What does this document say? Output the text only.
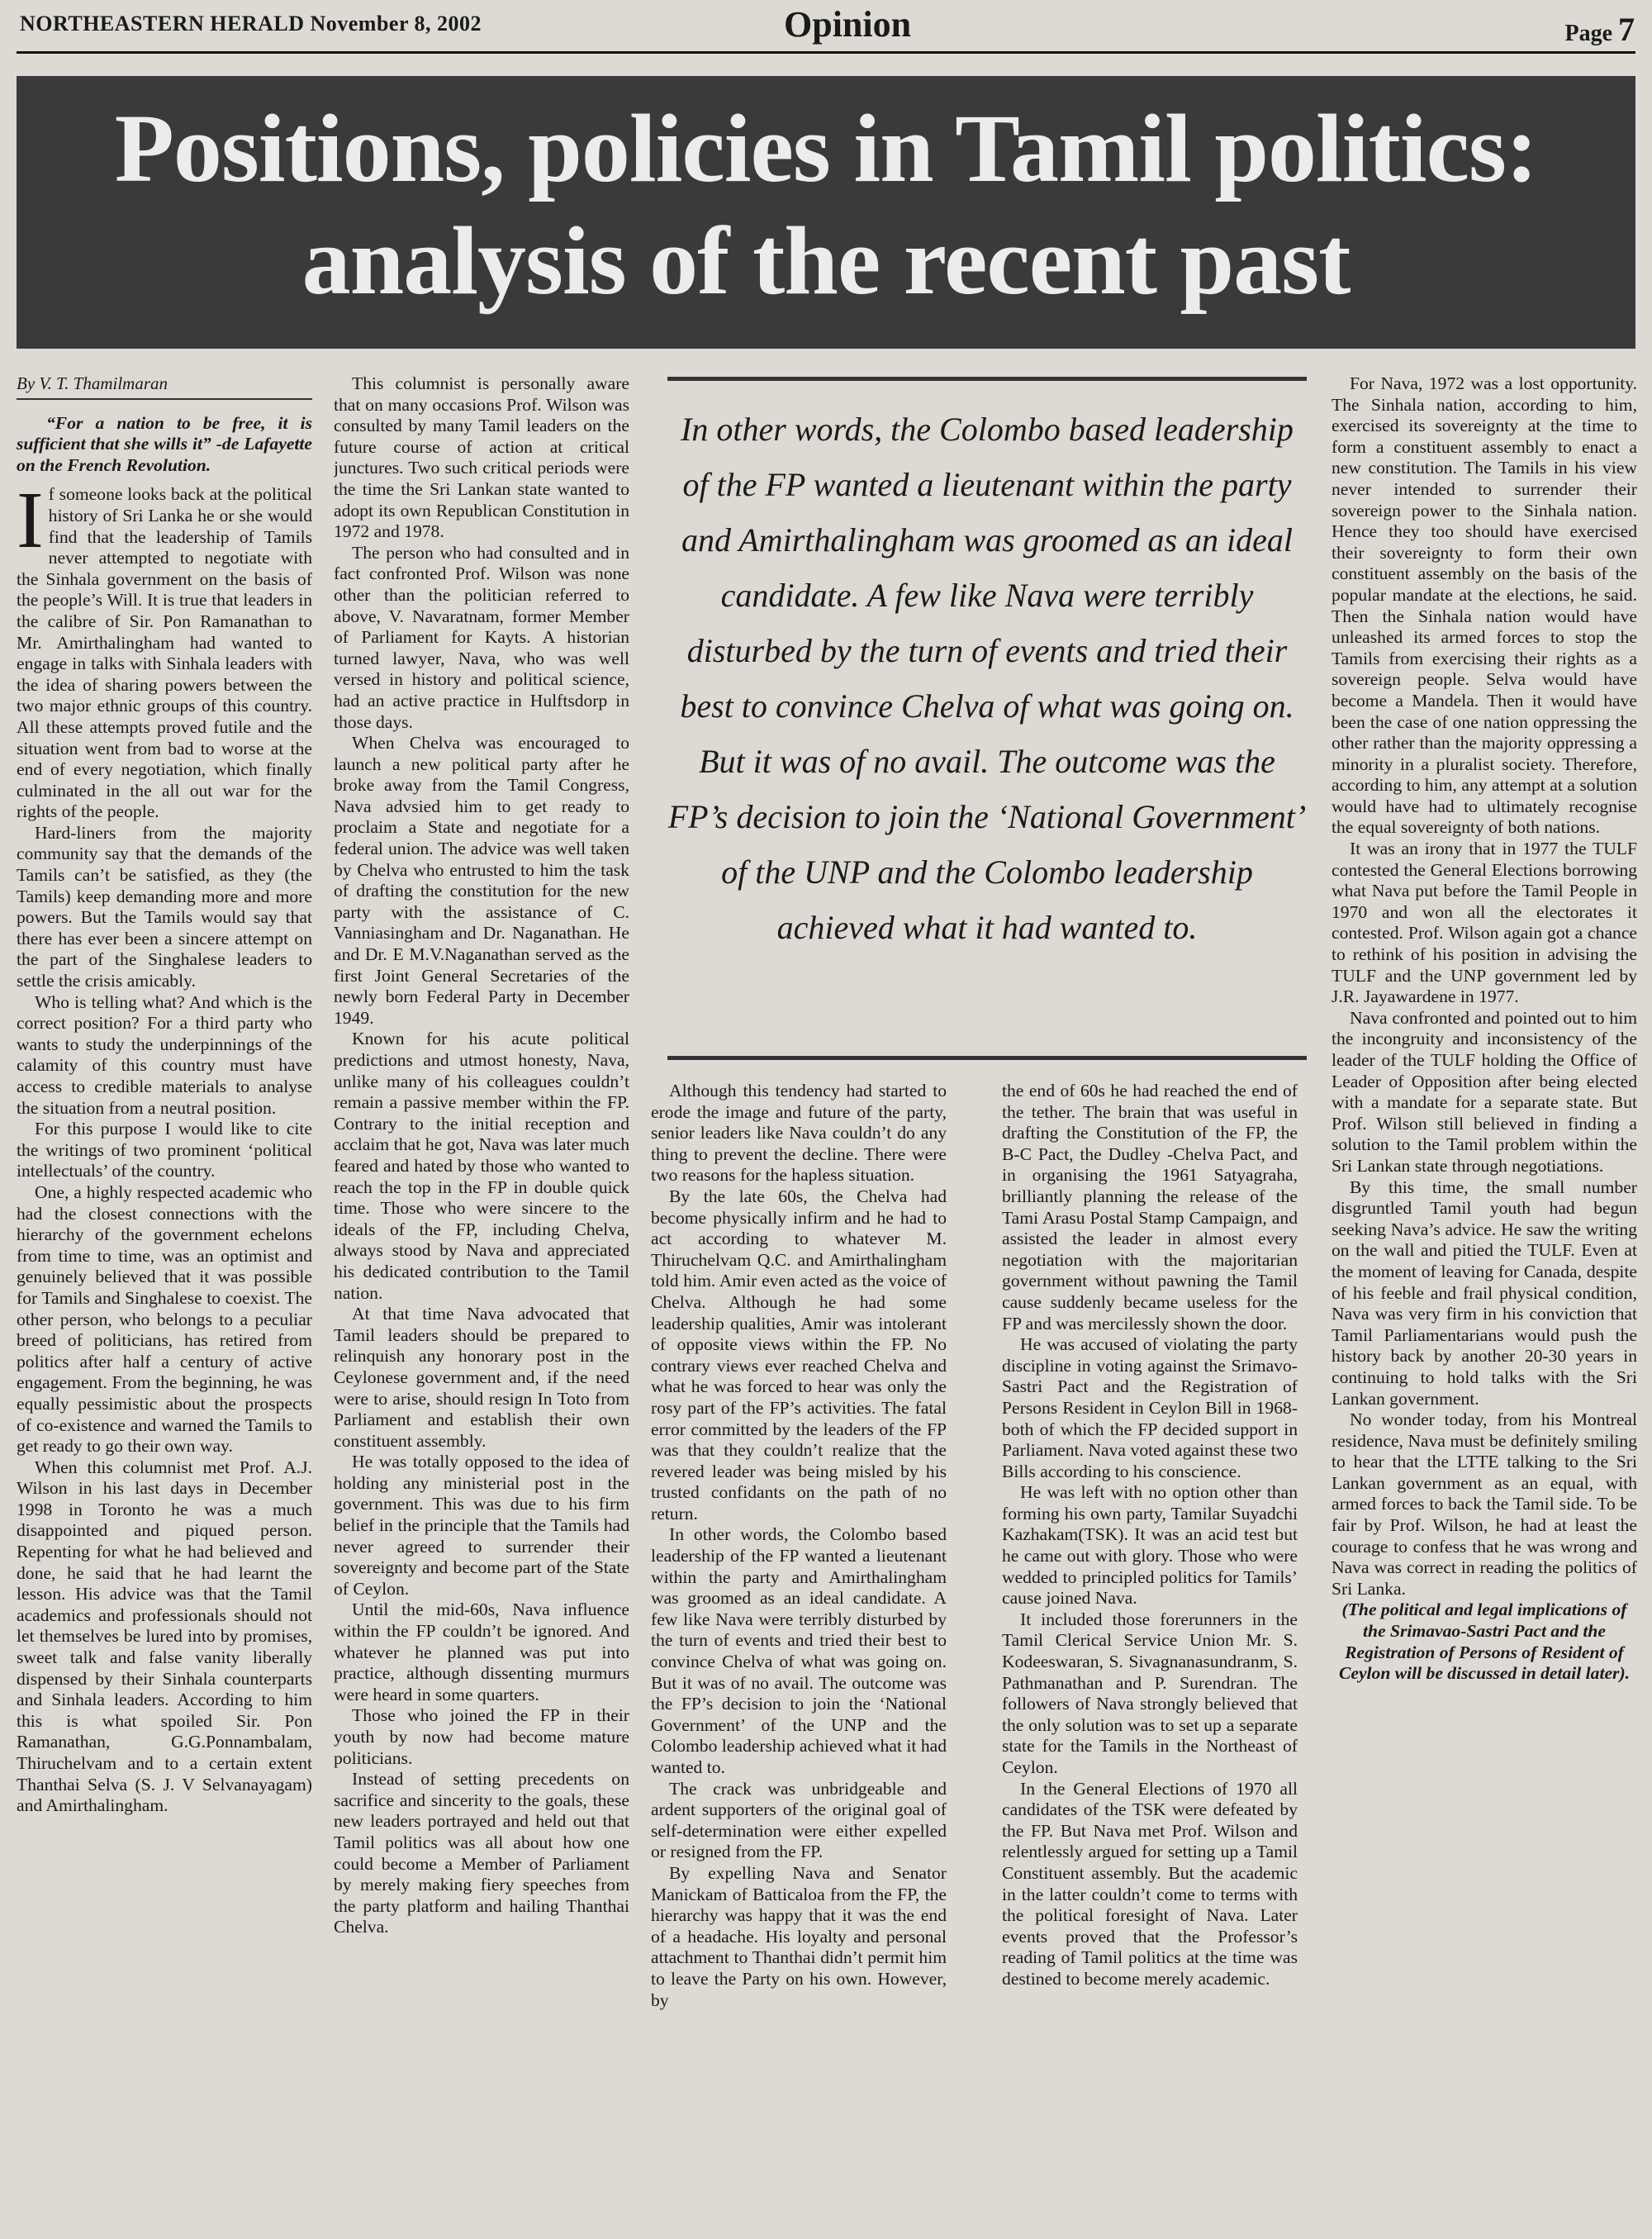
NORTHEASTERN HERALD November 8, 2002	Opinion	Page 7
Positions, policies in Tamil politics:
analysis of the recent past
By V. T. Thamilmaran

“For a nation to be free, it is sufficient that she wills it” -de Lafayette on the French Revolution.

If someone looks back at the political history of Sri Lanka he or she would find that the leadership of Tamils never attempted to negotiate with the Sinhala government on the basis of the people’s Will. It is true that leaders in the calibre of Sir. Pon Ramanathan to Mr. Amirthalingham had wanted to engage in talks with Sinhala leaders with the idea of sharing powers between the two major ethnic groups of this country. All these attempts proved futile and the situation went from bad to worse at the end of every negotiation, which finally culminated in the all out war for the rights of the people.

Hard-liners from the majority community say that the demands of the Tamils can’t be satisfied, as they (the Tamils) keep demanding more and more powers. But the Tamils would say that there has ever been a sincere attempt on the part of the Singhalese leaders to settle the crisis amicably.

Who is telling what? And which is the correct position? For a third party who wants to study the underpinnings of the calamity of this country must have access to credible materials to analyse the situation from a neutral position.

For this purpose I would like to cite the writings of two prominent ‘political intellectuals’ of the country.

One, a highly respected academic who had the closest connections with the hierarchy of the government echelons from time to time, was an optimist and genuinely believed that it was possible for Tamils and Singhalese to coexist. The other person, who belongs to a peculiar breed of politicians, has retired from politics after half a century of active engagement. From the beginning, he was equally pessimistic about the prospects of co-existence and warned the Tamils to get ready to go their own way.

When this columnist met Prof. A.J. Wilson in his last days in December 1998 in Toronto he was a much disappointed and piqued person. Repenting for what he had believed and done, he said that he had learnt the lesson. His advice was that the Tamil academics and professionals should not let themselves be lured into by promises, sweet talk and false vanity liberally dispensed by their Sinhala counterparts and Sinhala leaders. According to him this is what spoiled Sir. Pon Ramanathan, G.G.Ponnambalam, Thiruchelvam and to a certain extent Thanthai Selva (S. J. V Selvanayagam) and Amirthalingham.

This columnist is personally aware that on many occasions Prof. Wilson was consulted by many Tamil leaders on the future course of action at critical junctures. Two such critical periods were the time the Sri Lankan state wanted to adopt its own Republican Constitution in 1972 and 1978.

The person who had consulted and in fact confronted Prof. Wilson was none other than the politician referred to above, V. Navaratnam, former Member of Parliament for Kayts. A historian turned lawyer, Nava, who was well versed in history and political science, had an active practice in Hulftsdorp in those days.

When Chelva was encouraged to launch a new political party after he broke away from the Tamil Congress, Nava advsied him to get ready to proclaim a State and negotiate for a federal union. The advice was well taken by Chelva who entrusted to him the task of drafting the constitution for the new party with the assistance of C. Vanniasingham and Dr. Naganathan. He and Dr. E M.V.Naganathan served as the first Joint General Secretaries of the newly born Federal Party in December 1949.

Known for his acute political predictions and utmost honesty, Nava, unlike many of his colleagues couldn’t remain a passive member within the FP. Contrary to the initial reception and acclaim that he got, Nava was later much feared and hated by those who wanted to reach the top in the FP in double quick time. Those who were sincere to the ideals of the FP, including Chelva, always stood by Nava and appreciated his dedicated contribution to the Tamil nation.

At that time Nava advocated that Tamil leaders should be prepared to relinquish any honorary post in the Ceylonese government and, if the need were to arise, should resign In Toto from Parliament and establish their own constituent assembly.

He was totally opposed to the idea of holding any ministerial post in the government. This was due to his firm belief in the principle that the Tamils had never agreed to surrender their sovereignty and become part of the State of Ceylon.

Until the mid-60s, Nava influence within the FP couldn’t be ignored. And whatever he planned was put into practice, although dissenting murmurs were heard in some quarters.

Those who joined the FP in their youth by now had become mature politicians.

Instead of setting precedents on sacrifice and sincerity to the goals, these new leaders portrayed and held out that Tamil politics was all about how one could become a Member of Parliament by merely making fiery speeches from the party platform and hailing Thanthai Chelva.

In other words, the Colombo based leadership of the FP wanted a lieutenant within the party and Amirthalingham was groomed as an ideal candidate. A few like Nava were terribly disturbed by the turn of events and tried their best to convince Chelva of what was going on. But it was of no avail. The outcome was the FP’s decision to join the ‘National Government’ of the UNP and the Colombo leadership achieved what it had wanted to.

Although this tendency had started to erode the image and future of the party, senior leaders like Nava couldn’t do any thing to prevent the decline. There were two reasons for the hapless situation.

By the late 60s, the Chelva had become physically infirm and he had to act according to whatever M. Thiruchelvam Q.C. and Amirthalingham told him. Amir even acted as the voice of Chelva. Although he had some leadership qualities, Amir was intolerant of opposite views within the FP. No contrary views ever reached Chelva and what he was forced to hear was only the rosy part of the FP’s activities. The fatal error committed by the leaders of the FP was that they couldn’t realize that the revered leader was being misled by his trusted confidants on the path of no return.

In other words, the Colombo based leadership of the FP wanted a lieutenant within the party and Amirthalingham was groomed as an ideal candidate. A few like Nava were terribly disturbed by the turn of events and tried their best to convince Chelva of what was going on. But it was of no avail. The outcome was the FP’s decision to join the ‘National Government’ of the UNP and the Colombo leadership achieved what it had wanted to.

The crack was unbridgeable and ardent supporters of the original goal of self-determination were either expelled or resigned from the FP.

By expelling Nava and Senator Manickam of Batticaloa from the FP, the hierarchy was happy that it was the end of a headache. His loyalty and personal attachment to Thanthai didn’t permit him to leave the Party on his own. However, by

the end of 60s he had reached the end of the tether. The brain that was useful in drafting the Constitution of the FP, the B-C Pact, the Dudley -Chelva Pact, and in organising the 1961 Satyagraha, brilliantly planning the release of the Tami Arasu Postal Stamp Campaign, and assisted the leader in almost every negotiation with the majoritarian government without pawning the Tamil cause suddenly became useless for the FP and was mercilessly shown the door.

He was accused of violating the party discipline in voting against the Srimavo-Sastri Pact and the Registration of Persons Resident in Ceylon Bill in 1968- both of which the FP decided support in Parliament. Nava voted against these two Bills according to his conscience.

He was left with no option other than forming his own party, Tamilar Suyadchi Kazhakam(TSK). It was an acid test but he came out with glory. Those who were wedded to principled politics for Tamils’ cause joined Nava.

It included those forerunners in the Tamil Clerical Service Union Mr. S. Kodeeswaran, S. Sivagnanasundranm, S. Pathmanathan and P. Surendran. The followers of Nava strongly believed that the only solution was to set up a separate state for the Tamils in the Northeast of Ceylon.

In the General Elections of 1970 all candidates of the TSK were defeated by the FP. But Nava met Prof. Wilson and relentlessly argued for setting up a Tamil Constituent assembly. But the academic in the latter couldn’t come to terms with the political foresight of Nava. Later events proved that the Professor’s reading of Tamil politics at the time was destined to become merely academic.

For Nava, 1972 was a lost opportunity. The Sinhala nation, according to him, exercised its sovereignty at the time to form a constituent assembly to enact a new constitution. The Tamils in his view never intended to surrender their sovereign power to the Sinhala nation. Hence they too should have exercised their sovereignty to form their own constituent assembly on the basis of the popular mandate at the elections, he said. Then the Sinhala nation would have unleashed its armed forces to stop the Tamils from exercising their rights as a sovereign people. Selva would have become a Mandela. Then it would have been the case of one nation oppressing the other rather than the majority oppressing a minority in a pluralist society. Therefore, according to him, any attempt at a solution would have had to ultimately recognise the equal sovereignty of both nations.

It was an irony that in 1977 the TULF contested the General Elections borrowing what Nava put before the Tamil People in 1970 and won all the electorates it contested. Prof. Wilson again got a chance to rethink of his position in advising the TULF and the UNP government led by J.R. Jayawardene in 1977.

Nava confronted and pointed out to him the incongruity and inconsistency of the leader of the TULF holding the Office of Leader of Opposition after being elected with a mandate for a separate state. But Prof. Wilson still believed in finding a solution to the Tamil problem within the Sri Lankan state through negotiations.

By this time, the small number disgruntled Tamil youth had begun seeking Nava’s advice. He saw the writing on the wall and pitied the TULF. Even at the moment of leaving for Canada, despite of his feeble and frail physical condition, Nava was very firm in his conviction that Tamil Parliamentarians would push the history back by another 20-30 years in continuing to hold talks with the Sri Lankan government.

No wonder today, from his Montreal residence, Nava must be definitely smiling to hear that the LTTE talking to the Sri Lankan government as an equal, with armed forces to back the Tamil side. To be fair by Prof. Wilson, he had at least the courage to confess that he was wrong and Nava was correct in reading the politics of Sri Lanka.

(The political and legal implications of the Srimavao-Sastri Pact and the Registration of Persons of Resident of Ceylon will be discussed in detail later).
